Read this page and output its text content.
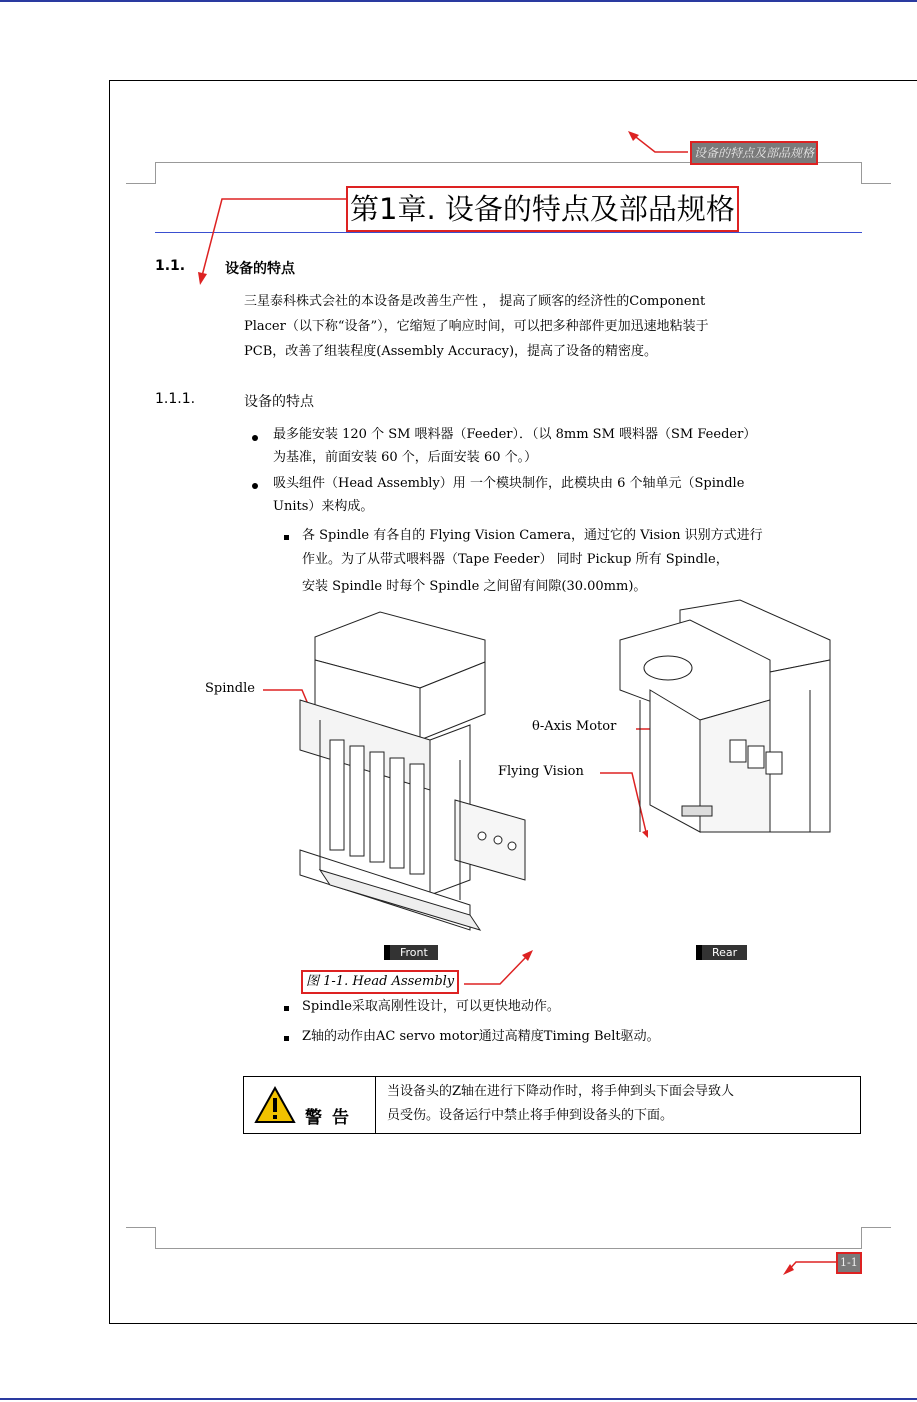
设备的特点及部品规格
第1章. 设备的特点及部品规格
1.1.	设备的特点
三星泰科株式会社的本设备是改善生产性 ， 提高了顾客的经济性的Component
Placer（以下称“设备”），它缩短了响应时间，可以把多种部件更加迅速地粘装于
PCB，改善了组装程度(Assembly Accuracy)，提高了设备的精密度。
1.1.1.	设备的特点
最多能安装 120 个 SM 喂料器（Feeder）．（以 8mm SM 喂料器（SM Feeder）
为基准，前面安装 60 个，后面安装 60 个。）
吸头组件（Head Assembly）用 一个模块制作，此模块由 6 个轴单元（Spindle
Units）来构成。
各 Spindle 有各自的 Flying Vision Camera，通过它的 Vision 识别方式进行
作业。为了从带式喂料器（Tape Feeder） 同时 Pickup 所有 Spindle，
安装 Spindle 时每个 Spindle 之间留有间隙(30.00mm)。
Spindle
θ-Axis Motor
Flying Vision
Front	Rear
图 1-1. Head Assembly
Spindle采取高刚性设计，可以更快地动作。
Z轴的动作由AC servo motor通过高精度Timing Belt驱动。
警告
当设备头的Z轴在进行下降动作时，将手伸到头下面会导致人
员受伤。设备运行中禁止将手伸到设备头的下面。
1-1
